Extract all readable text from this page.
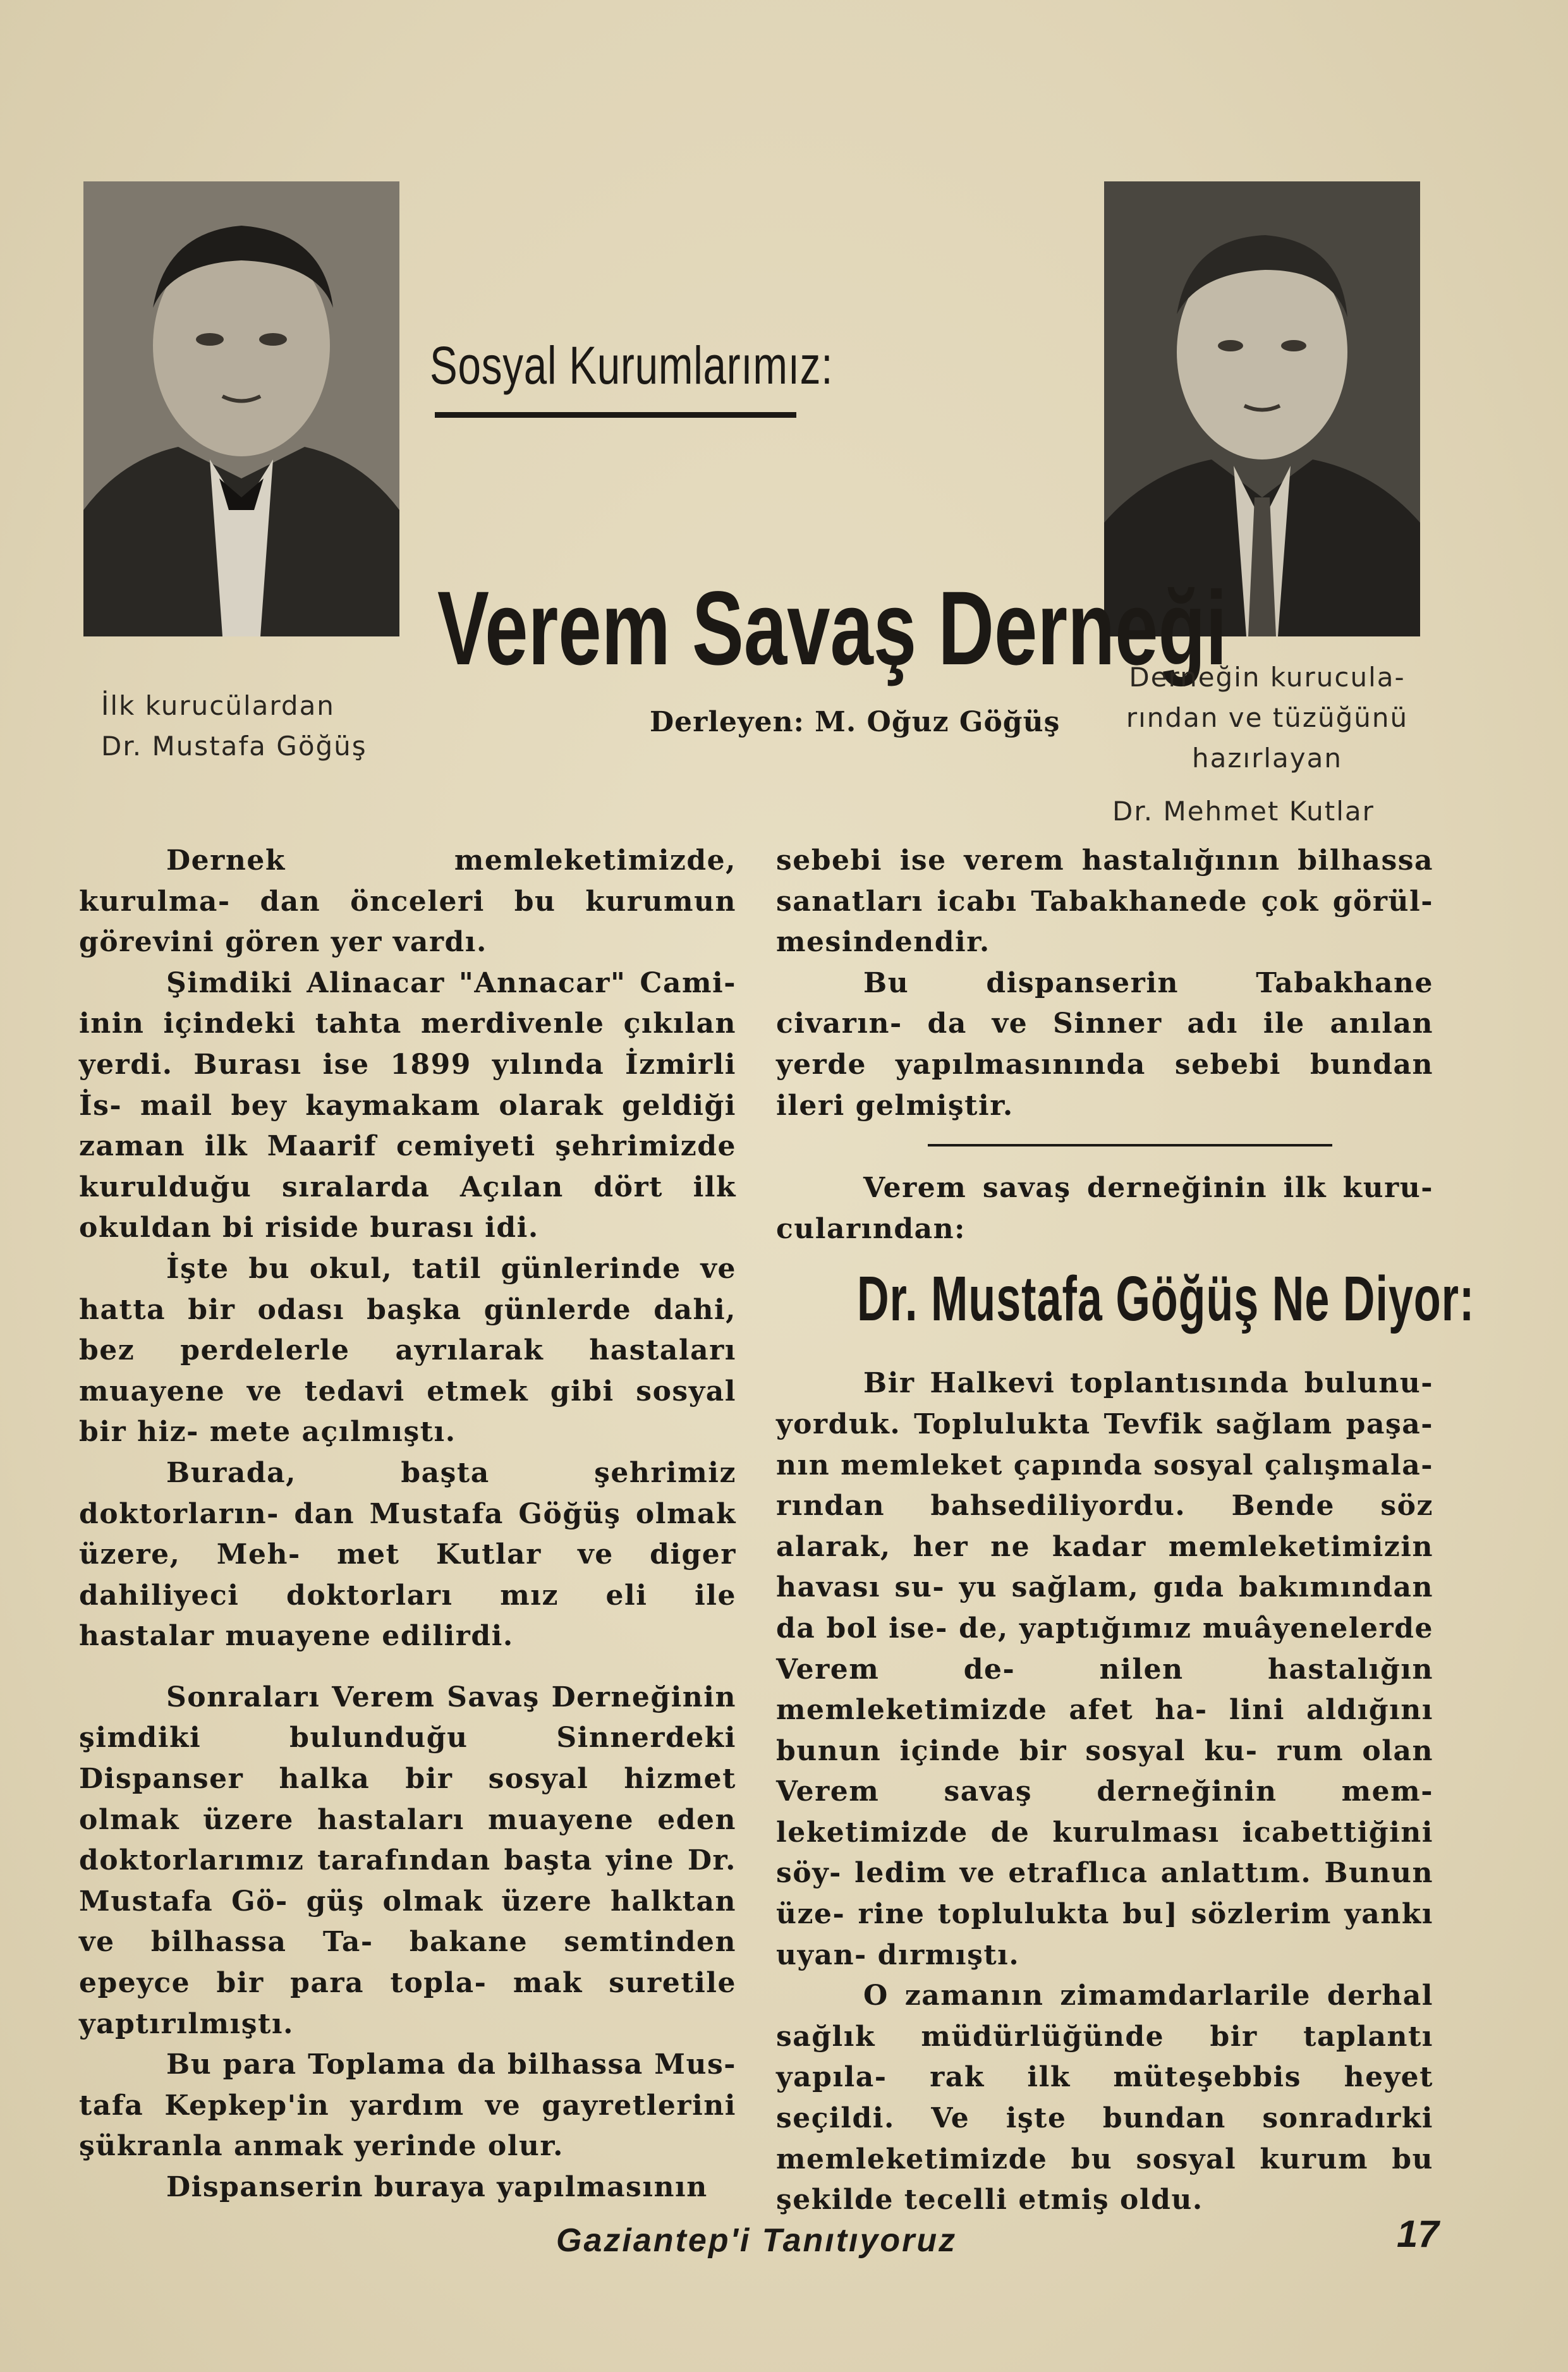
Sosyal Kurumlarımız:
Verem Savaş Derneği
İlk kurucülardan
Dr. Mustafa Göğüş
Derneğin kurucula-
rından ve tüzüğünü
hazırlayan
Dr. Mehmet Kutlar
Derleyen: M. Oğuz Göğüş

Dernek memleketimizde, kurulma- dan önceleri bu kurumun görevini gören yer vardı.

Şimdiki Alinacar "Annacar" Cami- inin içindeki tahta merdivenle çıkılan yerdi. Burası ise 1899 yılında İzmirli İs- mail bey kaymakam olarak geldiği zaman ilk Maarif cemiyeti şehrimizde kurulduğu sıralarda Açılan dört ilk okuldan bi riside burası idi.

İşte bu okul, tatil günlerinde ve hatta bir odası başka günlerde dahi, bez perdelerle ayrılarak hastaları muayene ve tedavi etmek gibi sosyal bir hiz- mete açılmıştı.

Burada, başta şehrimiz doktorların- dan Mustafa Göğüş olmak üzere, Meh- met Kutlar ve diger dahiliyeci doktorları mız eli ile hastalar muayene edilirdi.

Sonraları Verem Savaş Derneğinin şimdiki bulunduğu Sinnerdeki Dispanser halka bir sosyal hizmet olmak üzere hastaları muayene eden doktorlarımız tarafından başta yine Dr. Mustafa Gö- güş olmak üzere halktan ve bilhassa Ta- bakane semtinden epeyce bir para topla- mak suretile yaptırılmıştı.

Bu para Toplama da bilhassa Mus- tafa Kepkep'in yardım ve gayretlerini şükranla anmak yerinde olur.

Dispanserin buraya yapılmasının

sebebi ise verem hastalığının bilhassa sanatları icabı Tabakhanede çok görül- mesindendir.

Bu dispanserin Tabakhane civarın- da ve Sinner adı ile anılan yerde yapılmasınında sebebi bundan ileri gelmiştir.

Verem savaş derneğinin ilk kuru- cularından:

Dr. Mustafa Göğüş Ne Diyor:

Bir Halkevi toplantısında bulunu- yorduk. Toplulukta Tevfik sağlam paşa- nın memleket çapında sosyal çalışmala- rından bahsediliyordu. Bende söz alarak, her ne kadar memleketimizin havası su- yu sağlam, gıda bakımından da bol ise- de, yaptığımız muâyenelerde Verem de- nilen hastalığın memleketimizde afet ha- lini aldığını bunun içinde bir sosyal ku- rum olan Verem savaş derneğinin mem- leketimizde de kurulması icabettiğini söy- ledim ve etraflıca anlattım. Bunun üze- rine toplulukta bu] sözlerim yankı uyan- dırmıştı.

O zamanın zimamdarlarile derhal sağlık müdürlüğünde bir taplantı yapıla- rak ilk müteşebbis heyet seçildi. Ve işte bundan sonradırki memleketimizde bu sosyal kurum bu şekilde tecelli etmiş oldu.

Gaziantep'i Tanıtıyoruz	17
